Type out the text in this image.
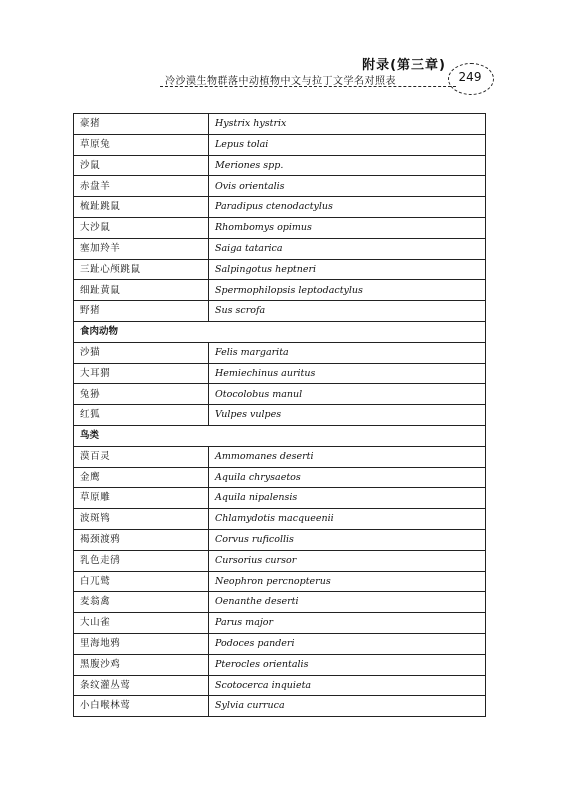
附录(第三章)
冷沙漠生物群落中动植物中文与拉丁文学名对照表	249
豪猪	Hystrix hystrix
草原兔	Lepus tolai
沙鼠	Meriones spp.
赤盘羊	Ovis orientalis
梳趾跳鼠	Paradipus ctenodactylus
大沙鼠	Rhombomys opimus
塞加羚羊	Saiga tatarica
三趾心颅跳鼠	Salpingotus heptneri
细趾黄鼠	Spermophilopsis leptodactylus
野猪	Sus scrofa
食肉动物	
沙猫	Felis margarita
大耳猬	Hemiechinus auritus
兔狲	Otocolobus manul
红狐	Vulpes vulpes
鸟类	
漠百灵	Ammomanes deserti
金鹰	Aquila chrysaetos
草原雕	Aquila nipalensis
波斑鸨	Chlamydotis macqueenii
褐颈渡鸦	Corvus ruficollis
乳色走鸻	Cursorius cursor
白兀鹫	Neophron percnopterus
麦翁禽	Oenanthe deserti
大山雀	Parus major
里海地鸦	Podoces panderi
黑腹沙鸡	Pterocles orientalis
条纹灌丛莺	Scotocerca inquieta
小白喉林莺	Sylvia curruca
